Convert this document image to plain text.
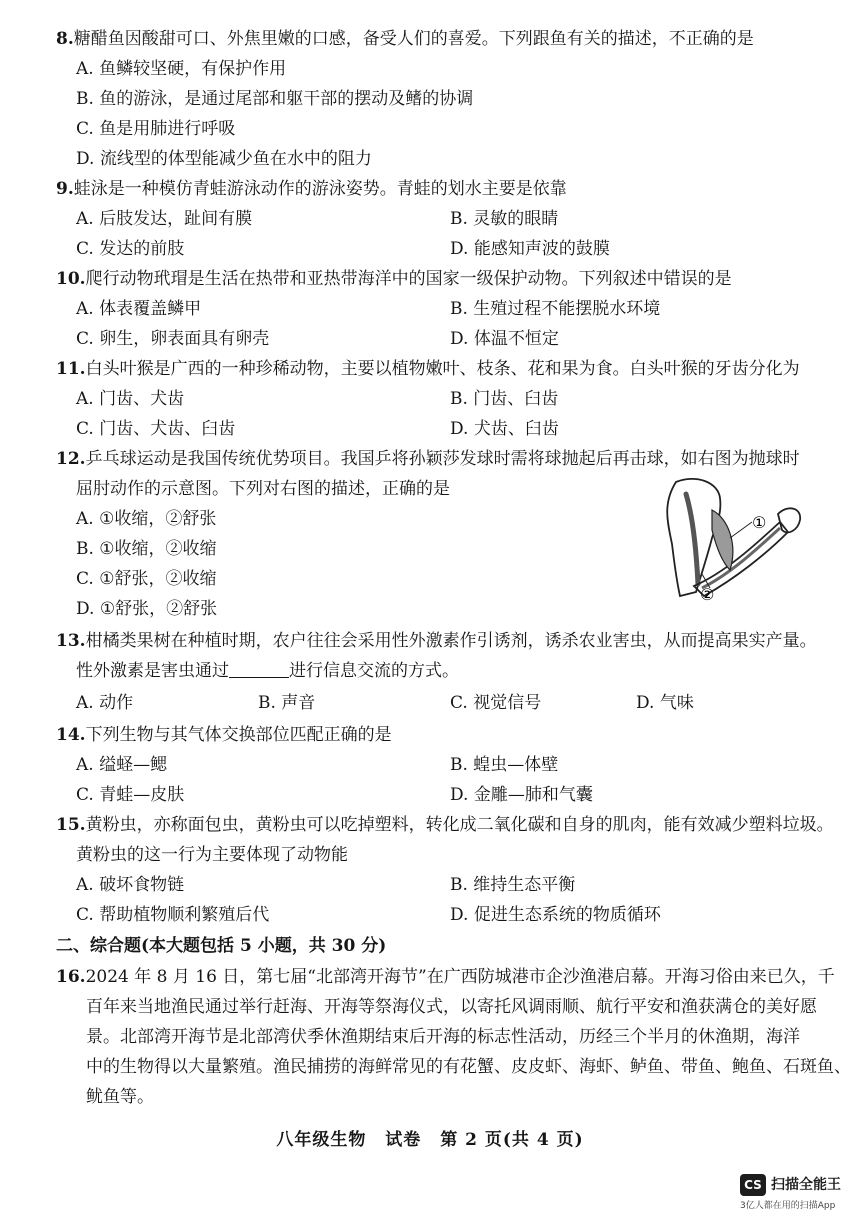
8.糖醋鱼因酸甜可口、外焦里嫩的口感，备受人们的喜爱。下列跟鱼有关的描述，不正确的是
A. 鱼鳞较坚硬，有保护作用
B. 鱼的游泳，是通过尾部和躯干部的摆动及鳍的协调
C. 鱼是用肺进行呼吸
D. 流线型的体型能减少鱼在水中的阻力
9.蛙泳是一种模仿青蛙游泳动作的游泳姿势。青蛙的划水主要是依靠
A. 后肢发达，趾间有膜	B. 灵敏的眼睛
C. 发达的前肢	D. 能感知声波的鼓膜
10.爬行动物玳瑁是生活在热带和亚热带海洋中的国家一级保护动物。下列叙述中错误的是
A. 体表覆盖鳞甲	B. 生殖过程不能摆脱水环境
C. 卵生，卵表面具有卵壳	D. 体温不恒定
11.白头叶猴是广西的一种珍稀动物，主要以植物嫩叶、枝条、花和果为食。白头叶猴的牙齿分化为
A. 门齿、犬齿	B. 门齿、臼齿
C. 门齿、犬齿、臼齿	D. 犬齿、臼齿
12.乒乓球运动是我国传统优势项目。我国乒将孙颖莎发球时需将球抛起后再击球，如右图为抛球时
屈肘动作的示意图。下列对右图的描述，正确的是
A. ①收缩，②舒张
B. ①收缩，②收缩
C. ①舒张，②收缩
D. ①舒张，②舒张
①
②
13.柑橘类果树在种植时期，农户往往会采用性外激素作引诱剂，诱杀农业害虫，从而提高果实产量。
性外激素是害虫通过	进行信息交流的方式。
A. 动作	B. 声音	C. 视觉信号	D. 气味
14.下列生物与其气体交换部位匹配正确的是
A. 缢蛏—鳃	B. 蝗虫—体壁
C. 青蛙—皮肤	D. 金雕—肺和气囊
15.黄粉虫，亦称面包虫，黄粉虫可以吃掉塑料，转化成二氧化碳和自身的肌肉，能有效减少塑料垃圾。
黄粉虫的这一行为主要体现了动物能
A. 破坏食物链	B. 维持生态平衡
C. 帮助植物顺利繁殖后代	D. 促进生态系统的物质循环
二、综合题(本大题包括 5 小题，共 30 分)
16.2024 年 8 月 16 日，第七届“北部湾开海节”在广西防城港市企沙渔港启幕。开海习俗由来已久，千
百年来当地渔民通过举行赶海、开海等祭海仪式，以寄托风调雨顺、航行平安和渔获满仓的美好愿
景。北部湾开海节是北部湾伏季休渔期结束后开海的标志性活动，历经三个半月的休渔期，海洋
中的生物得以大量繁殖。渔民捕捞的海鲜常见的有花蟹、皮皮虾、海虾、鲈鱼、带鱼、鲍鱼、石斑鱼、
鱿鱼等。
八年级生物 试卷 第 2 页(共 4 页)
CS 扫描全能王
3亿人都在用的扫描App
